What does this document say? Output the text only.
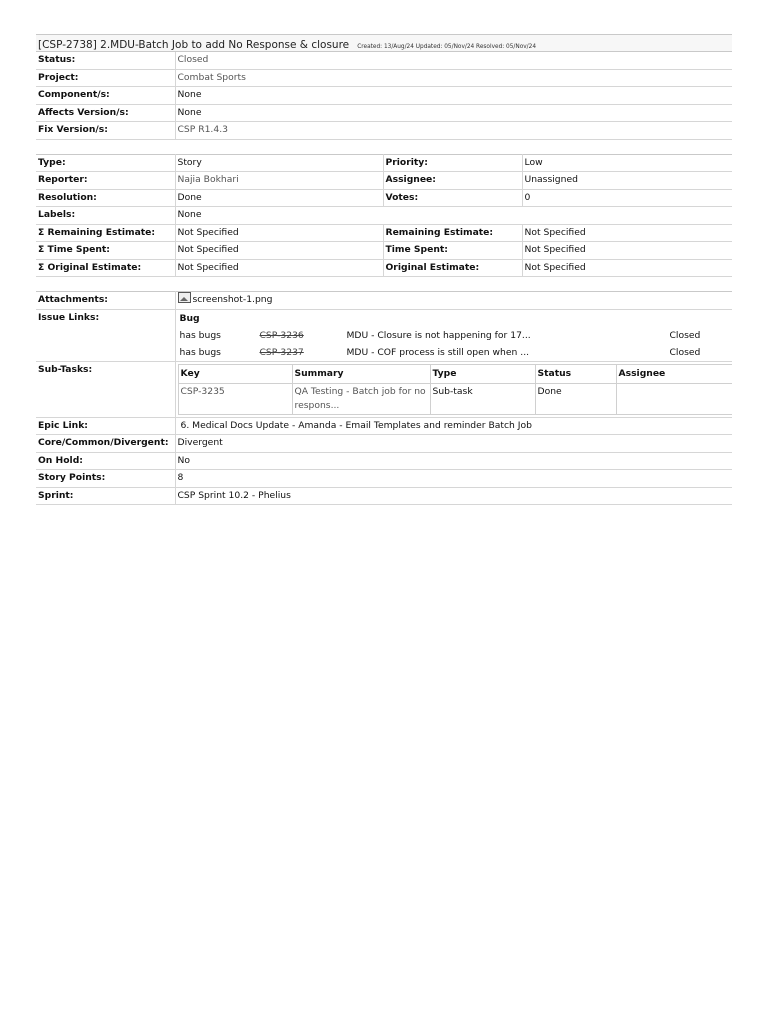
[CSP-2738] 2.MDU-Batch Job to add No Response & closure Created: 13/Aug/24 Updated: 05/Nov/24 Resolved: 05/Nov/24
Status:	Closed
Project:	Combat Sports
Component/s:	None
Affects Version/s:	None
Fix Version/s:	CSP R1.4.3
Type:	Story	Priority:	Low
Reporter:	Najia Bokhari	Assignee:	Unassigned
Resolution:	Done	Votes:	0
Labels:	None		
Σ Remaining Estimate:	Not Specified	Remaining Estimate:	Not Specified
Σ Time Spent:	Not Specified	Time Spent:	Not Specified
Σ Original Estimate:	Not Specified	Original Estimate:	Not Specified
Attachments:	screenshot-1.png
Issue Links:	Bug
has bugs	CSP-3236	MDU - Closure is not happening for 17...	Closed
has bugs	CSP-3237	MDU - COF process is still open when ...	Closed

Sub-Tasks:		Key	Summary	Type	Status	Assignee
CSP-3235	QA Testing - Batch job for no respons...	Sub-task	Done	

Epic Link:	6. Medical Docs Update - Amanda - Email Templates and reminder Batch Job
Core/Common/Divergent:	Divergent
On Hold:	No
Story Points:	8
Sprint:	CSP Sprint 10.2 - Phelius
